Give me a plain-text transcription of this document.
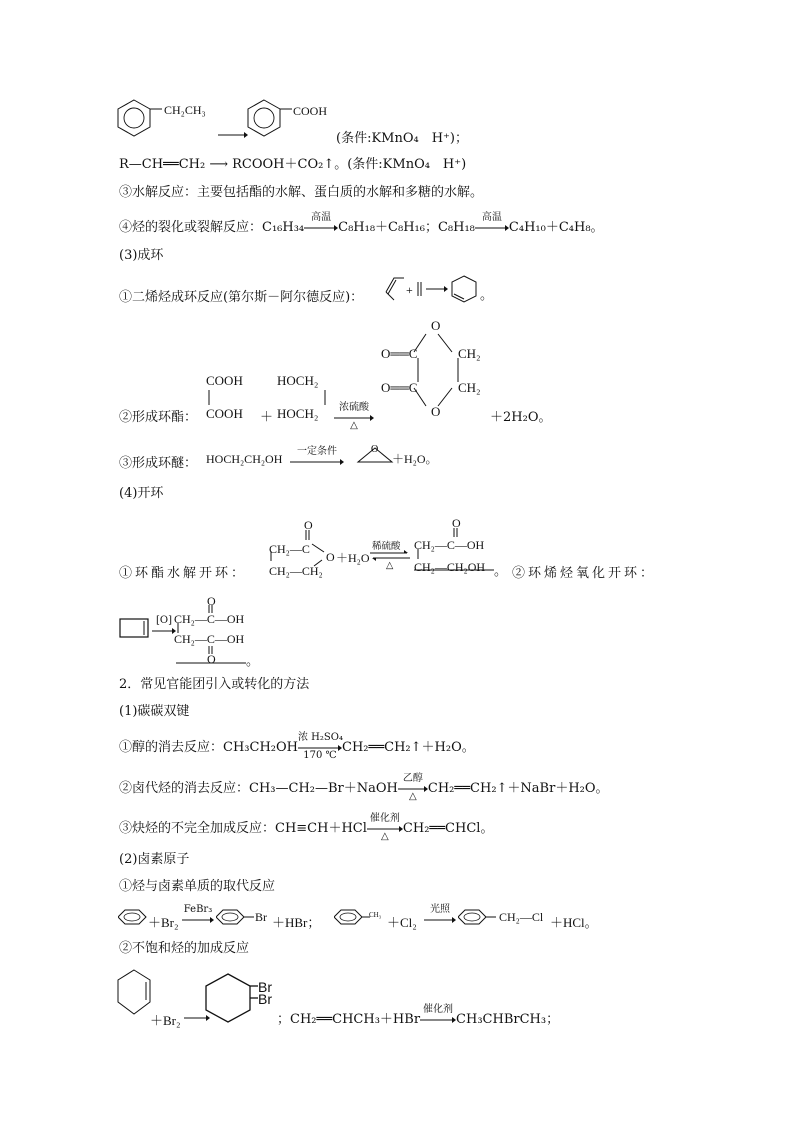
CH₂CH₃	COOH
(条件:KMnO₄　H⁺)；
R—CH══CH₂ ⟶ RCOOH＋CO₂↑。(条件:KMnO₄　H⁺)
③水解反应：主要包括酯的水解、蛋白质的水解和多糖的水解。
④烃的裂化或裂解反应：C₁₆H₃₄
高温
C₈H₁₈＋C₈H₁₆；C₈H₁₈
高温
C₄H₁₀＋C₄H₈。
(3)成环
①二烯烃成环反应(第尔斯－阿尔德反应)：	+	。
COOH
COOH ＋
HOCH₂
HOCH₂
②形成环酯：
浓硫酸
△
O
O
O══C
O══C
CH₂
CH₂
＋2H₂O。
③形成环醚： HOCH₂CH₂OH
一定条件	O
＋H₂O。
(4)开环
①环酯水解开环：
O
CH₂—C
O
CH₂—CH₂
＋H₂O
稀硫酸
△
O
CH₂—C—OH
CH₂—CH₂OH 。 ②环烯烃氧化开环：
[O]
O
CH₂—C—OH
CH₂—C—OH
O 。
2．常见官能团引入或转化的方法
(1)碳碳双键
①醇的消去反应：CH₃CH₂OH
浓 H₂SO₄
170 ℃ CH₂══CH₂↑＋H₂O。
②卤代烃的消去反应：CH₃—CH₂—Br＋NaOH
乙醇
△ CH₂══CH₂↑＋NaBr＋H₂O。
③炔烃的不完全加成反应：CH≡CH＋HCl
催化剂
△	CH₂══CHCl。
(2)卤素原子
①烃与卤素单质的取代反应
＋Br₂
FeBr₃
Br ＋HBr；	CH₃ ＋Cl₂
光照
CH₂—Cl ＋HCl。
②不饱和烃的加成反应
＋Br₂
Br
Br
；CH₂══CHCH₃＋HBr
催化剂
CH₃CHBrCH₃；
